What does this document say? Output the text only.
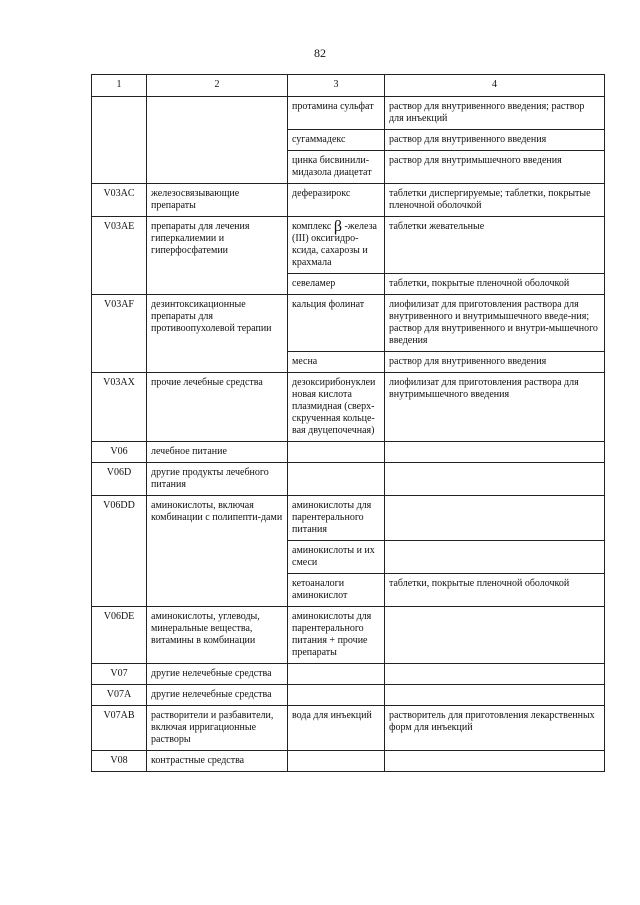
82
1	2	3	4
		протамина сульфат	раствор для внутривенного введения; раствор для инъекций
		сугаммадекс	раствор для внутривенного введения
		цинка бисвинили-мидазола диацетат	раствор для внутримышечного введения
V03AC	железосвязывающие препараты	деферазирокс	таблетки диспергируемые; таблетки, покрытые пленочной оболочкой
V03AE	препараты для лечения гиперкалиемии и гиперфосфатемии	комплекс β -железа (III) оксигидро-ксида, сахарозы и крахмала	таблетки жевательные
		севеламер	таблетки, покрытые пленочной оболочкой
V03AF	дезинтоксикационные препараты для противоопухолевой терапии	кальция фолинат	лиофилизат для приготовления раствора для внутривенного и внутримышечного введе-ния; раствор для внутривенного и внутри-мышечного введения
		месна	раствор для внутривенного введения
V03AX	прочие лечебные средства	дезоксирибонуклеиновая кислота плазмидная (сверх-скрученная кольце-вая двуцепочечная)	лиофилизат для приготовления раствора для внутримышечного введения
V06	лечебное питание		
V06D	другие продукты лечебного питания		
V06DD	аминокислоты, включая комбинации с полипепти-дами	аминокислоты для парентерального питания	
		аминокислоты и их смеси	
		кетоаналоги аминокислот	таблетки, покрытые пленочной оболочкой
V06DE	аминокислоты, углеводы, минеральные вещества, витамины в комбинации	аминокислоты для парентерального питания + прочие препараты	
V07	другие нелечебные средства		
V07A	другие нелечебные средства		
V07AB	растворители и разбавители, включая ирригационные растворы	вода для инъекций	растворитель для приготовления лекарственных форм для инъекций
V08	контрастные средства		
